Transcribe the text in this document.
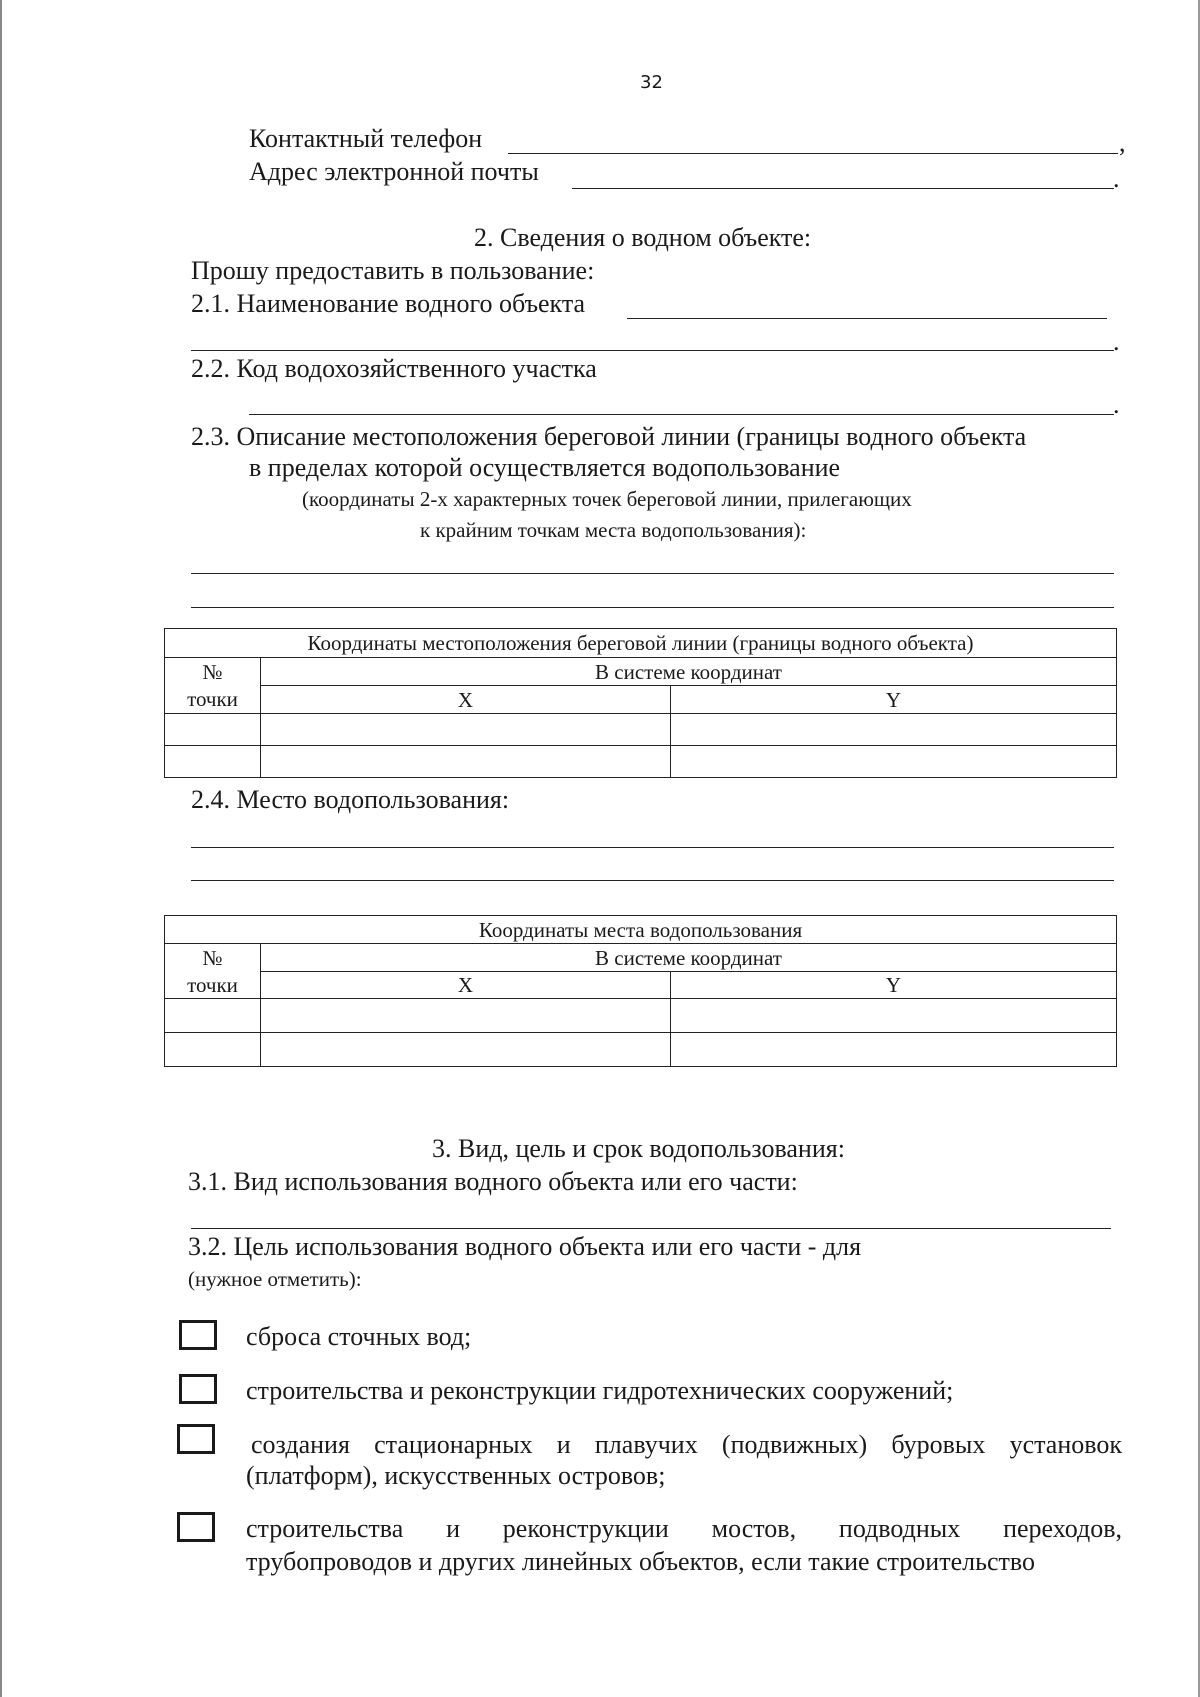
32
Контактный телефон	,
Адрес электронной почты	.
2. Сведения о водном объекте:
Прошу предоставить в пользование:
2.1. Наименование водного объекта
.
2.2. Код водохозяйственного участка
.
2.3. Описание местоположения береговой линии (границы водного объекта
в пределах которой осуществляется водопользование
(координаты 2-х характерных точек береговой линии, прилегающих
к крайним точкам места водопользования):
Координаты местоположения береговой линии (границы водного объекта)		
№	В системе координат	
точки	X	Y

2.4. Место водопользования:
Координаты места водопользования		
№	В системе координат	
точки	X	Y

3. Вид, цель и срок водопользования:
3.1. Вид использования водного объекта или его части:
3.2. Цель использования водного объекта или его части - для
(нужное отметить):
сброса сточных вод;
строительства и реконструкции гидротехнических сооружений;
создания стационарных и плавучих (подвижных) буровых установок
(платформ), искусственных островов;
строительства и реконструкции мостов, подводных переходов,
трубопроводов и других линейных объектов, если такие строительство
